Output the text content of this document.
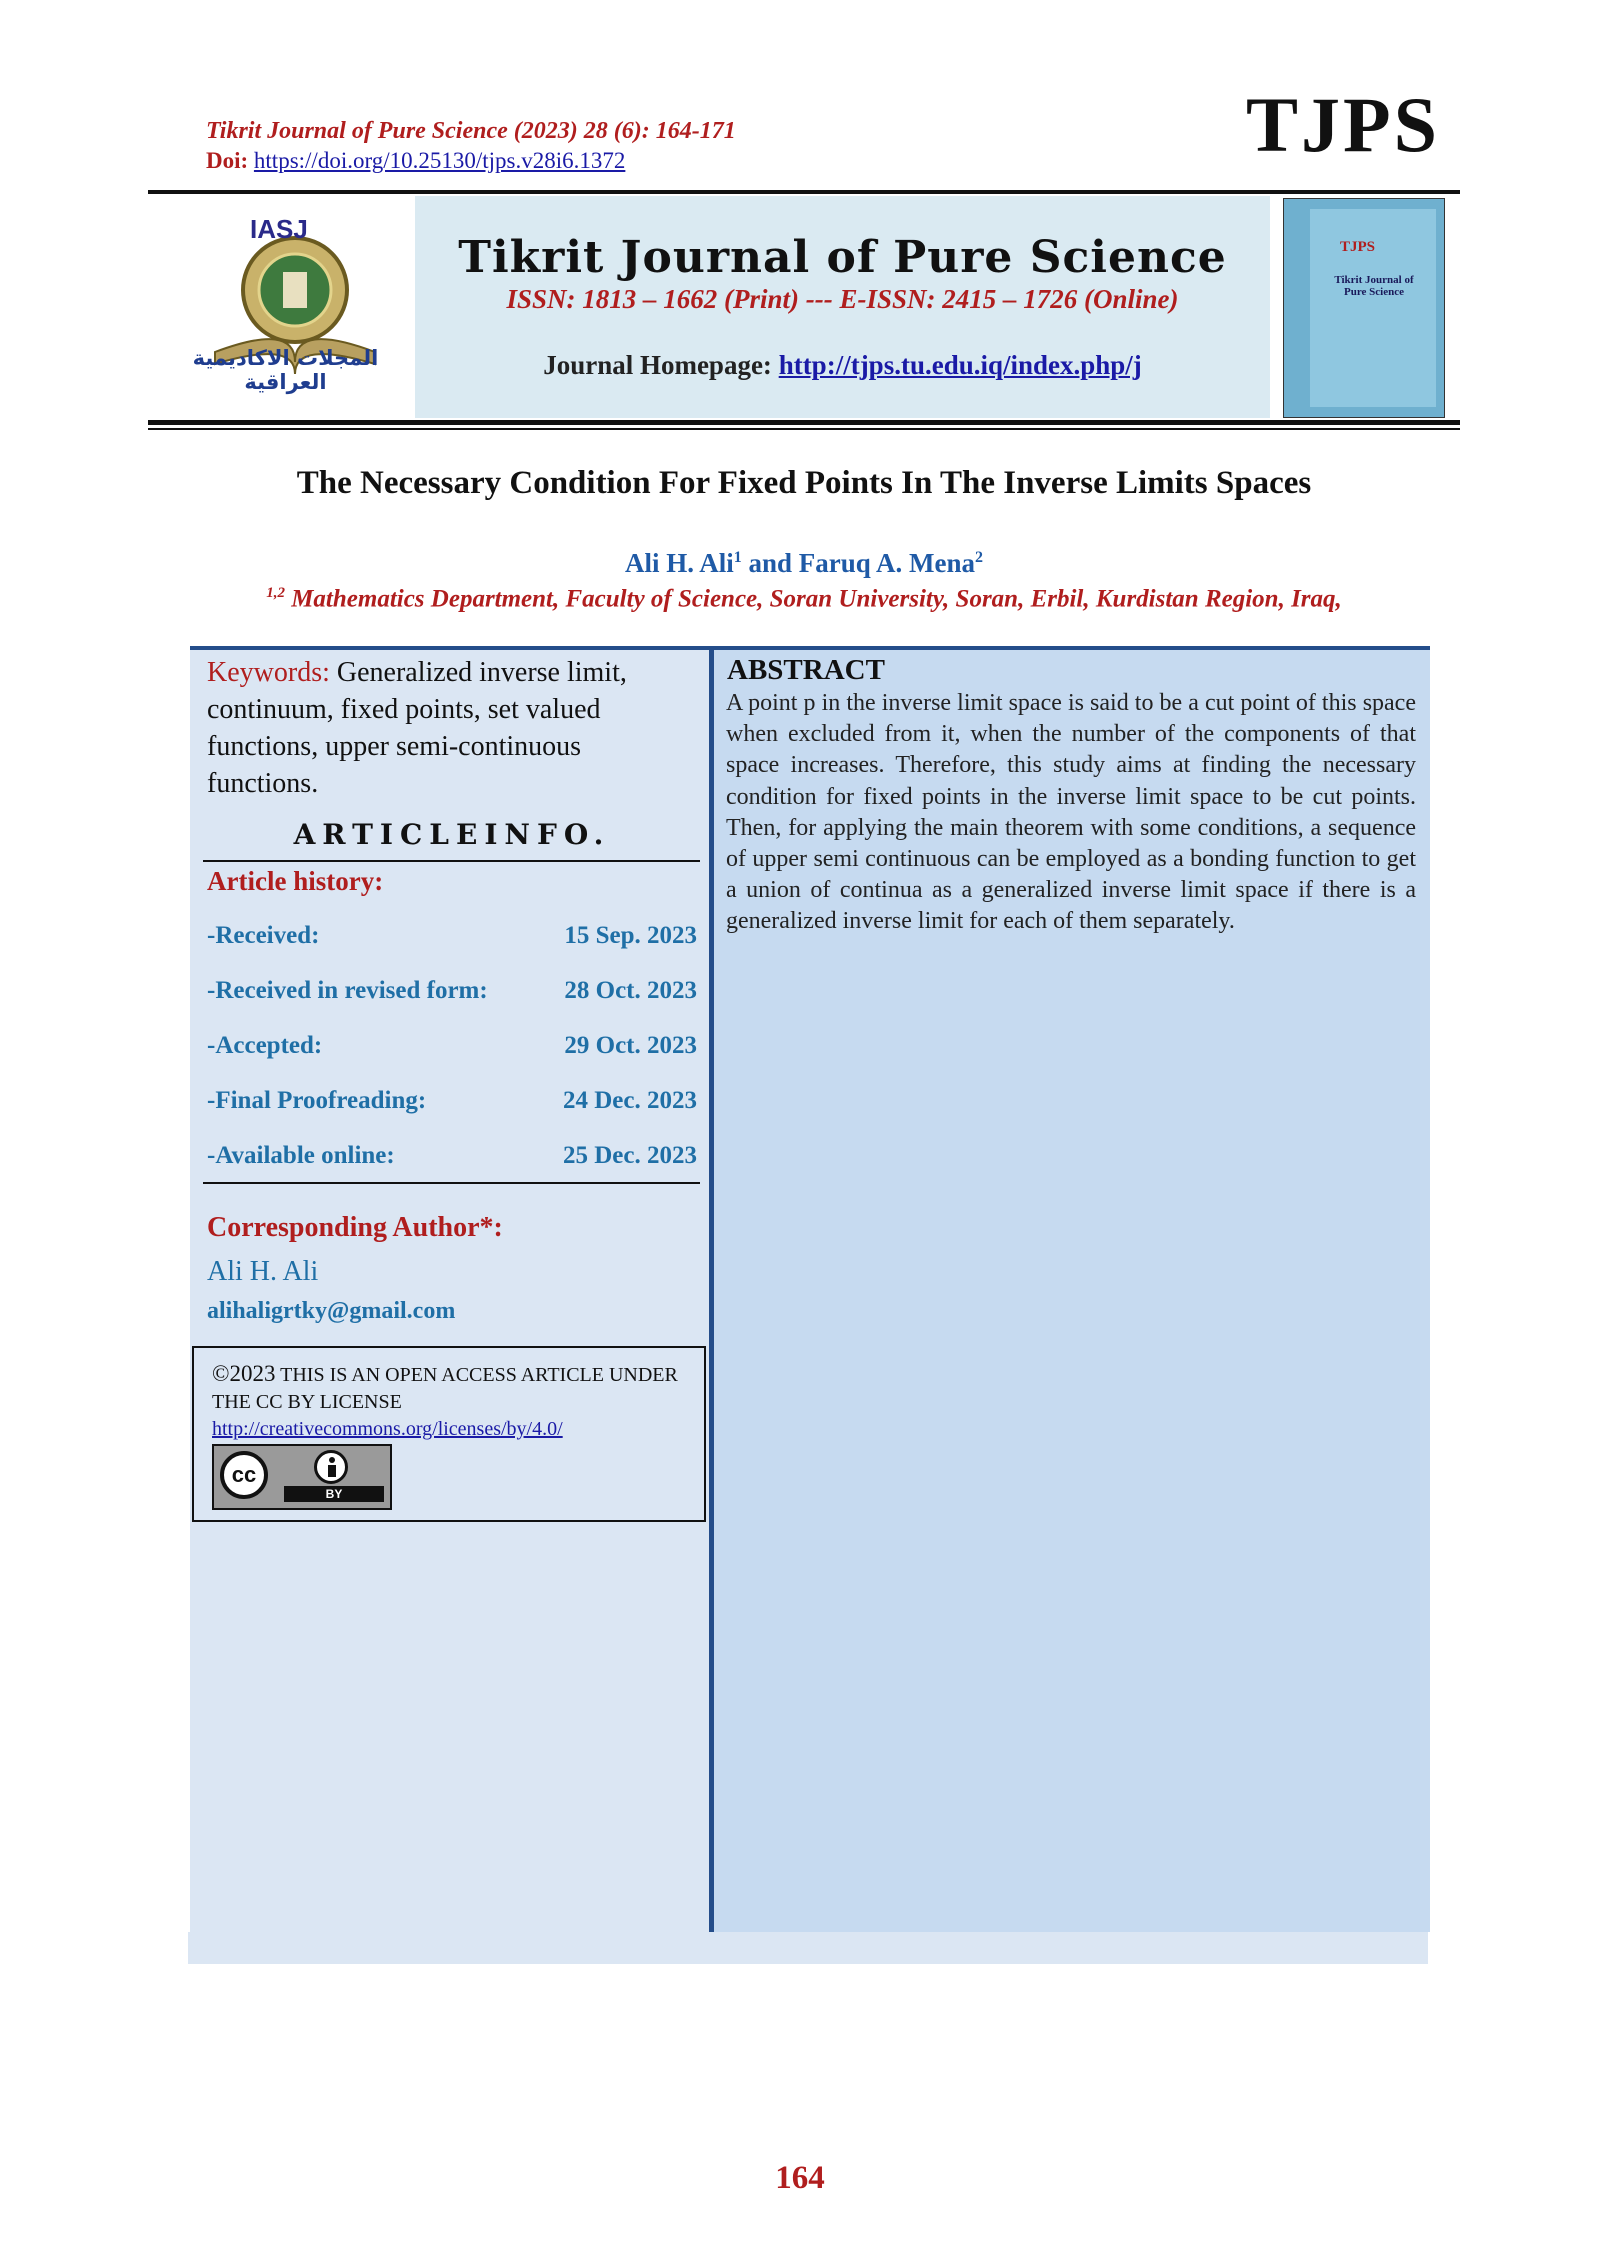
Tikrit Journal of Pure Science (2023) 28 (6): 164-171
Doi: https://doi.org/10.25130/tjps.v28i6.1372	TJPS
IASJ
المجلات الاكاديمية العراقية
Tikrit Journal of Pure Science
ISSN: 1813 – 1662 (Print) --- E-ISSN: 2415 – 1726 (Online)
Journal Homepage: http://tjps.tu.edu.iq/index.php/j
TJPS
Tikrit Journal of Pure Science
The Necessary Condition For Fixed Points In The Inverse Limits Spaces
Ali H. Ali$^1$ and Faruq A. Mena$^2$
$^{1,2}$ Mathematics Department, Faculty of Science, Soran University, Soran, Erbil, Kurdistan Region, Iraq,
Keywords: Generalized inverse limit, continuum, fixed points, set valued functions, upper semi-continuous functions.
ARTICLEINFO.
Article history:
-Received:	15 Sep. 2023
-Received in revised form:	28 Oct. 2023
-Accepted:	29 Oct. 2023
-Final Proofreading:	24 Dec. 2023
-Available online:	25 Dec. 2023
Corresponding Author*:
Ali H. Ali
alihaligrtky@gmail.com
©2023 THIS IS AN OPEN ACCESS ARTICLE UNDER THE CC BY LICENSE
http://creativecommons.org/licenses/by/4.0/
cc
BY
ABSTRACT
A point p in the inverse limit space is said to be a cut point of this space when excluded from it, when the number of the components of that space increases. Therefore, this study aims at finding the necessary condition for fixed points in the inverse limit space to be cut points. Then, for applying the main theorem with some conditions, a sequence of upper semi continuous can be employed as a bonding function to get a union of continua as a generalized inverse limit space if there is a generalized inverse limit for each of them separately.
164
